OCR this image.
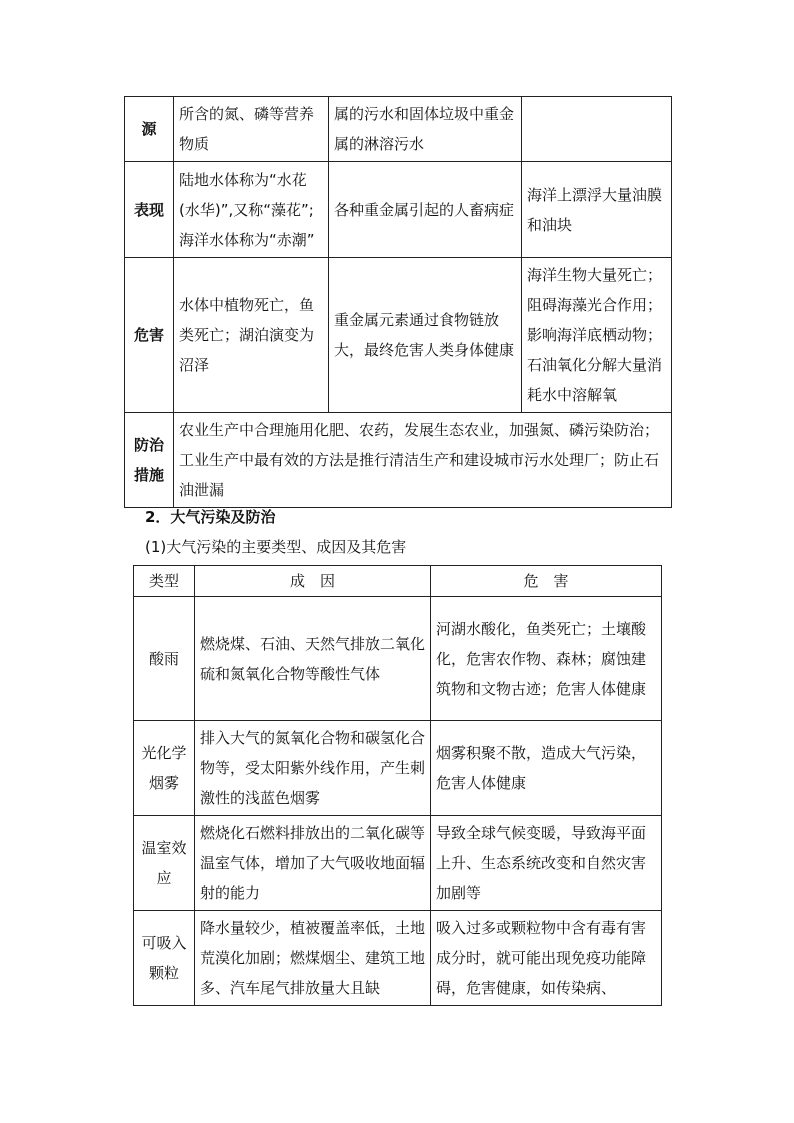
源	所含的氮、磷等营养物质	属的污水和固体垃圾中重金属的淋溶污水	
表现	陆地水体称为“水花(水华)”,又称“藻花”;海洋水体称为“赤潮”	各种重金属引起的人畜病症	海洋上漂浮大量油膜和油块
危害	水体中植物死亡，鱼类死亡；湖泊演变为沼泽	重金属元素通过食物链放大，最终危害人类身体健康	海洋生物大量死亡；阻碍海藻光合作用；影响海洋底栖动物；石油氧化分解大量消耗水中溶解氧
防治措施	农业生产中合理施用化肥、农药，发展生态农业，加强氮、磷污染防治；工业生产中最有效的方法是推行清洁生产和建设城市污水处理厂；防止石油泄漏		
2．大气污染及防治
(1)大气污染的主要类型、成因及其危害
类型	成　因	危　害
酸雨	燃烧煤、石油、天然气排放二氧化硫和氮氧化合物等酸性气体	河湖水酸化，鱼类死亡；土壤酸化，危害农作物、森林；腐蚀建筑物和文物古迹；危害人体健康
光化学烟雾	排入大气的氮氧化合物和碳氢化合物等，受太阳紫外线作用，产生刺激性的浅蓝色烟雾	烟雾积聚不散，造成大气污染，危害人体健康
温室效应	燃烧化石燃料排放出的二氧化碳等温室气体，增加了大气吸收地面辐射的能力	导致全球气候变暖，导致海平面上升、生态系统改变和自然灾害加剧等
可吸入颗粒	降水量较少，植被覆盖率低，土地荒漠化加剧；燃煤烟尘、建筑工地多、汽车尾气排放量大且缺	吸入过多或颗粒物中含有毒有害成分时，就可能出现免疫功能障碍，危害健康，如传染病、
